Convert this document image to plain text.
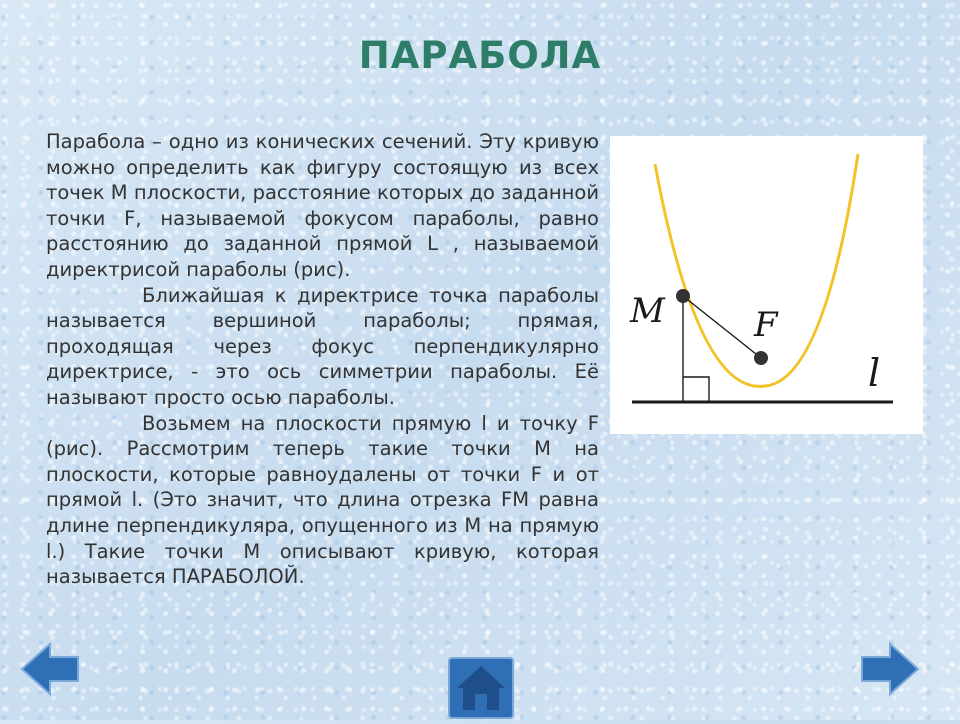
ПАРАБОЛА

Парабола – одно из конических сечений. Эту кривую можно определить как фигуру состоящую из всех точек М плоскости, расстояние которых до заданной точки F, называемой фокусом параболы, равно расстоянию до заданной прямой L , называемой директрисой параболы (рис).

Ближайшая к директрисе точка параболы называется вершиной параболы; прямая, проходящая через фокус перпендикулярно директрисе, - это ось симметрии параболы. Её называют просто осью параболы.

Возьмем на плоскости прямую l и точку F (рис). Рассмотрим теперь такие точки М на плоскости, которые равноудалены от точки F и от прямой l. (Это значит, что длина отрезка FM равна длине перпендикуляра, опущенного из М на прямую l.) Такие точки М описывают кривую, которая называется ПАРАБОЛОЙ.

M	F
l
